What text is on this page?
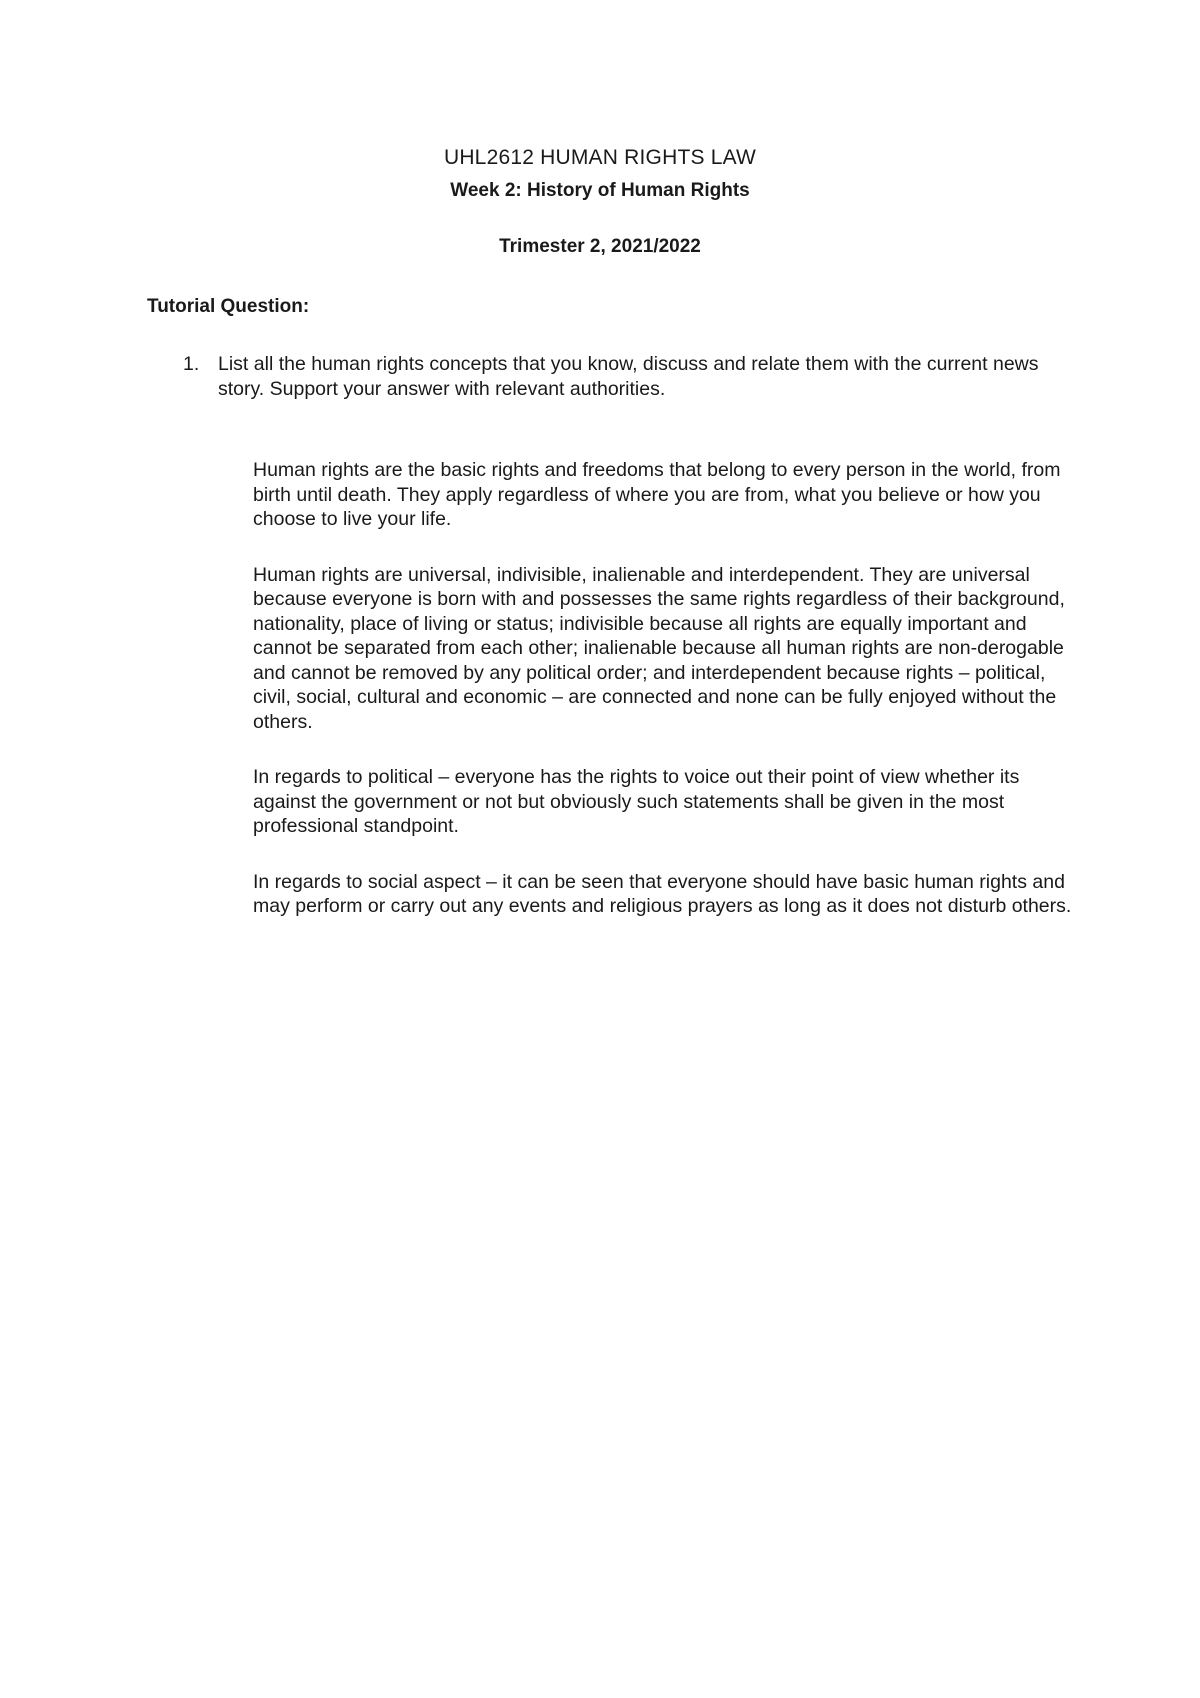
UHL2612 HUMAN RIGHTS LAW
Week 2: History of Human Rights
Trimester 2, 2021/2022
Tutorial Question:
1. List all the human rights concepts that you know, discuss and relate them with the current news story. Support your answer with relevant authorities.

Human rights are the basic rights and freedoms that belong to every person in the world, from birth until death. They apply regardless of where you are from, what you believe or how you choose to live your life.

Human rights are universal, indivisible, inalienable and interdependent. They are universal because everyone is born with and possesses the same rights regardless of their background, nationality, place of living or status; indivisible because all rights are equally important and cannot be separated from each other; inalienable because all human rights are non-derogable and cannot be removed by any political order; and interdependent because rights – political, civil, social, cultural and economic – are connected and none can be fully enjoyed without the others.

In regards to political – everyone has the rights to voice out their point of view whether its against the government or not but obviously such statements shall be given in the most professional standpoint.

In regards to social aspect – it can be seen that everyone should have basic human rights and may perform or carry out any events and religious prayers as long as it does not disturb others.
